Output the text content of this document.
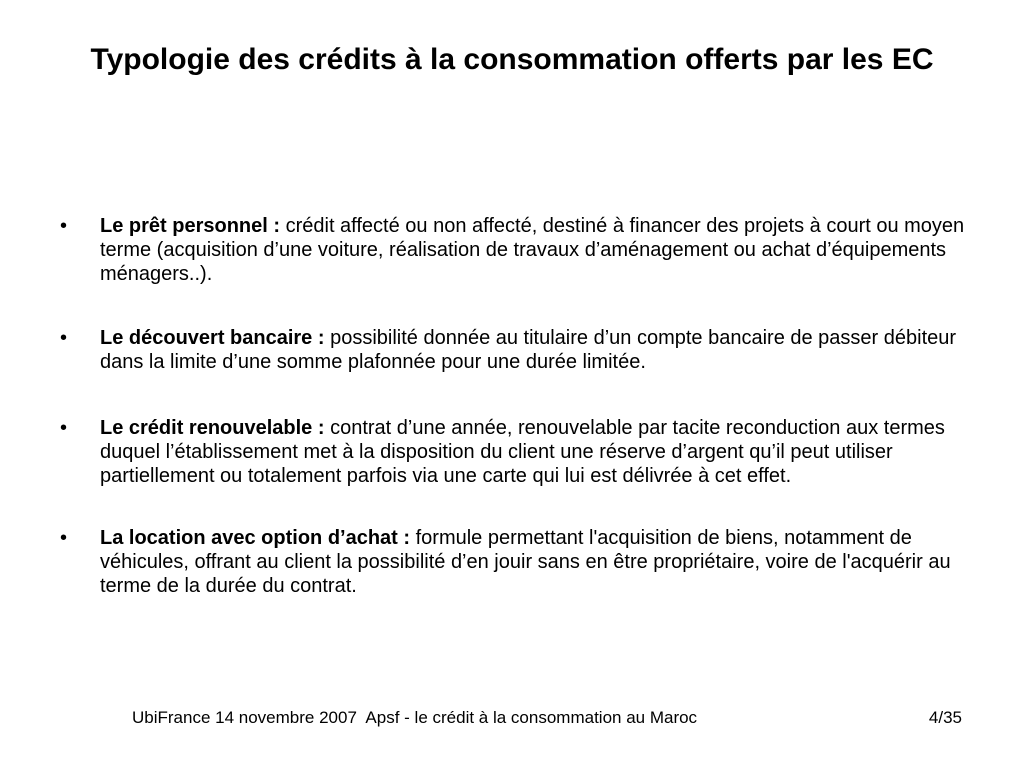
Typologie des crédits à la consommation offerts par les EC
•	Le prêt personnel : crédit affecté ou non affecté, destiné à financer des projets à court ou moyen terme (acquisition d’une voiture, réalisation de travaux d’aménagement ou achat d’équipements ménagers..).
•	Le découvert bancaire : possibilité donnée au titulaire d’un compte bancaire de passer débiteur dans la limite d’une somme plafonnée pour une durée limitée.
•	Le crédit renouvelable : contrat d’une année, renouvelable par tacite reconduction aux termes duquel l’établissement met à la disposition du client une réserve d’argent qu’il peut utiliser partiellement ou totalement parfois via une carte qui lui est délivrée à cet effet.
•	La location avec option d’achat : formule permettant l'acquisition de biens, notamment de véhicules, offrant au client la possibilité d’en jouir sans en être propriétaire, voire de l'acquérir au terme de la durée du contrat.
UbiFrance 14 novembre 2007  Apsf - le crédit à la consommation au Maroc	4/35
